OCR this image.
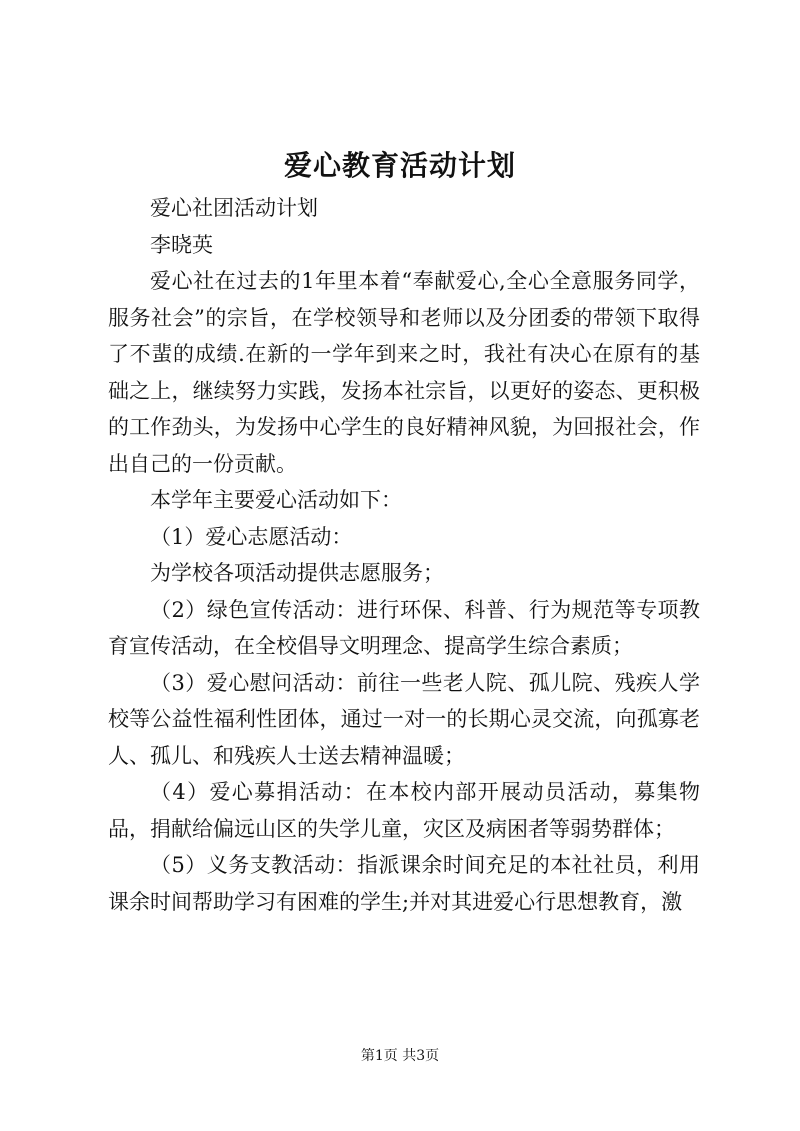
爱心教育活动计划

爱心社团活动计划

李晓英

爱心社在过去的1年里本着“奉献爱心,全心全意服务同学，服务社会”的宗旨，在学校领导和老师以及分团委的带领下取得了不蜚的成绩.在新的一学年到来之时，我社有决心在原有的基础之上，继续努力实践，发扬本社宗旨，以更好的姿态、更积极的工作劲头，为发扬中心学生的良好精神风貌，为回报社会，作出自己的一份贡献。

本学年主要爱心活动如下：

（1）爱心志愿活动：

为学校各项活动提供志愿服务；

（2）绿色宣传活动：进行环保、科普、行为规范等专项教育宣传活动，在全校倡导文明理念、提高学生综合素质；

（3）爱心慰问活动：前往一些老人院、孤儿院、残疾人学校等公益性福利性团体，通过一对一的长期心灵交流，向孤寡老人、孤儿、和残疾人士送去精神温暖；

（4）爱心募捐活动：在本校内部开展动员活动，募集物品，捐献给偏远山区的失学儿童，灾区及病困者等弱势群体；

（5）义务支教活动：指派课余时间充足的本社社员，利用课余时间帮助学习有困难的学生;并对其进爱心行思想教育，激

第1页 共3页
